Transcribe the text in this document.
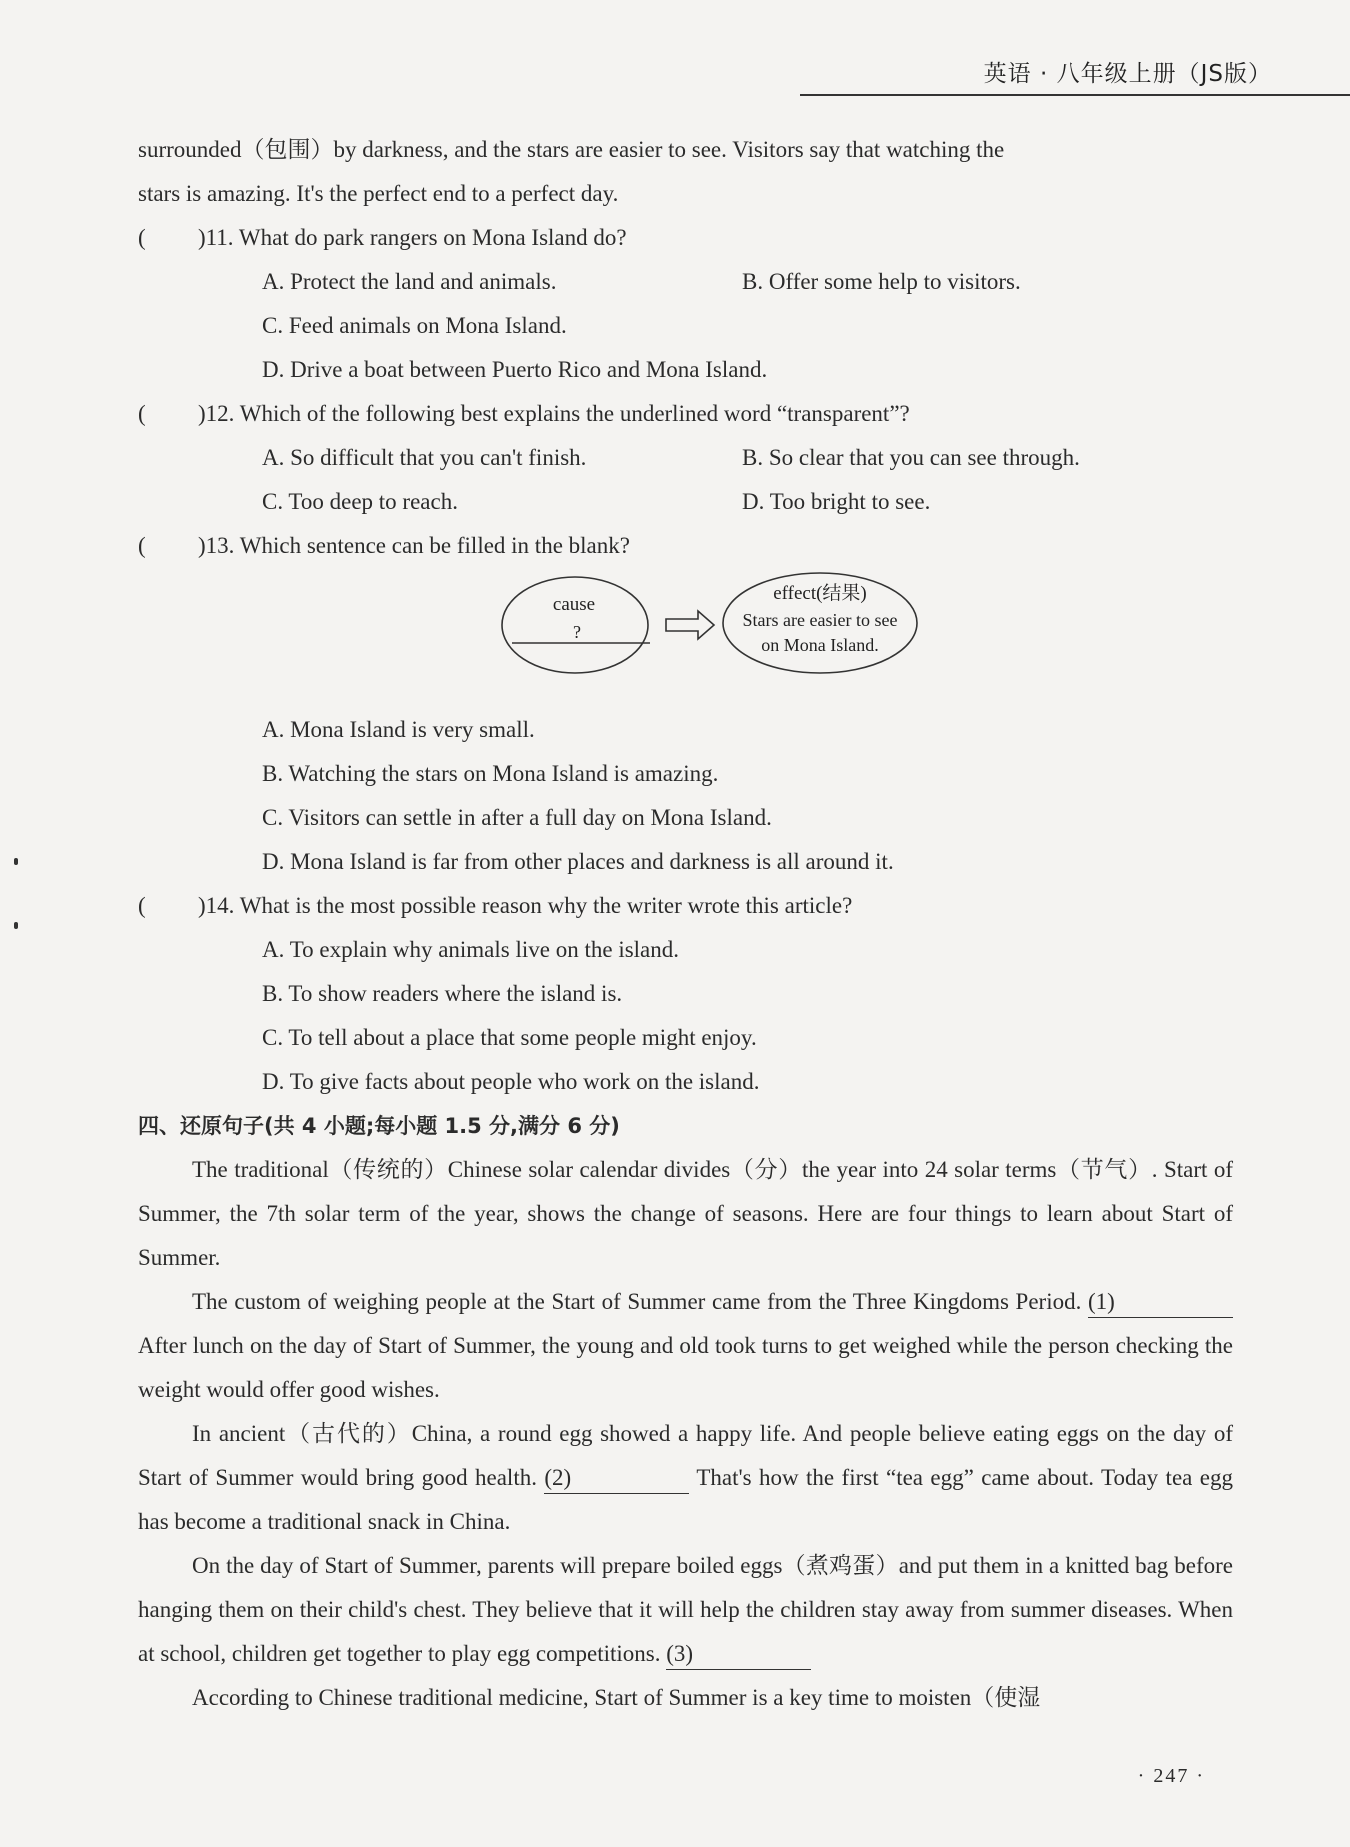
英语 · 八年级上册（JS版）

surrounded（包围）by darkness, and the stars are easier to see. Visitors say that watching the

stars is amazing. It's the perfect end to a perfect day.

(	)11. What do park rangers on Mona Island do?
A. Protect the land and animals.	B. Offer some help to visitors.
C. Feed animals on Mona Island.
D. Drive a boat between Puerto Rico and Mona Island.
(	)12. Which of the following best explains the underlined word “transparent”?
A. So difficult that you can't finish.	B. So clear that you can see through.
C. Too deep to reach.	D. Too bright to see.
(	)13. Which sentence can be filled in the blank?
cause
?
effect(结果)
Stars are easier to see
on Mona Island.
A. Mona Island is very small.
B. Watching the stars on Mona Island is amazing.
C. Visitors can settle in after a full day on Mona Island.
D. Mona Island is far from other places and darkness is all around it.
(	)14. What is the most possible reason why the writer wrote this article?
A. To explain why animals live on the island.
B. To show readers where the island is.
C. To tell about a place that some people might enjoy.
D. To give facts about people who work on the island.

四、还原句子(共 4 小题;每小题 1.5 分,满分 6 分)

The traditional（传统的）Chinese solar calendar divides（分）the year into 24 solar terms（节气）. Start of Summer, the 7th solar term of the year, shows the change of seasons. Here are four things to learn about Start of Summer.

The custom of weighing people at the Start of Summer came from the Three Kingdoms Period. (1) After lunch on the day of Start of Summer, the young and old took turns to get weighed while the person checking the weight would offer good wishes.

In ancient（古代的）China, a round egg showed a happy life. And people believe eating eggs on the day of Start of Summer would bring good health. (2)	That's how the first “tea egg” came about. Today tea egg has become a traditional snack in China.

On the day of Start of Summer, parents will prepare boiled eggs（煮鸡蛋）and put them in a knitted bag before hanging them on their child's chest. They believe that it will help the children stay away from summer diseases. When at school, children get together to play egg competitions. (3)

According to Chinese traditional medicine, Start of Summer is a key time to moisten（使湿

· 247 ·
